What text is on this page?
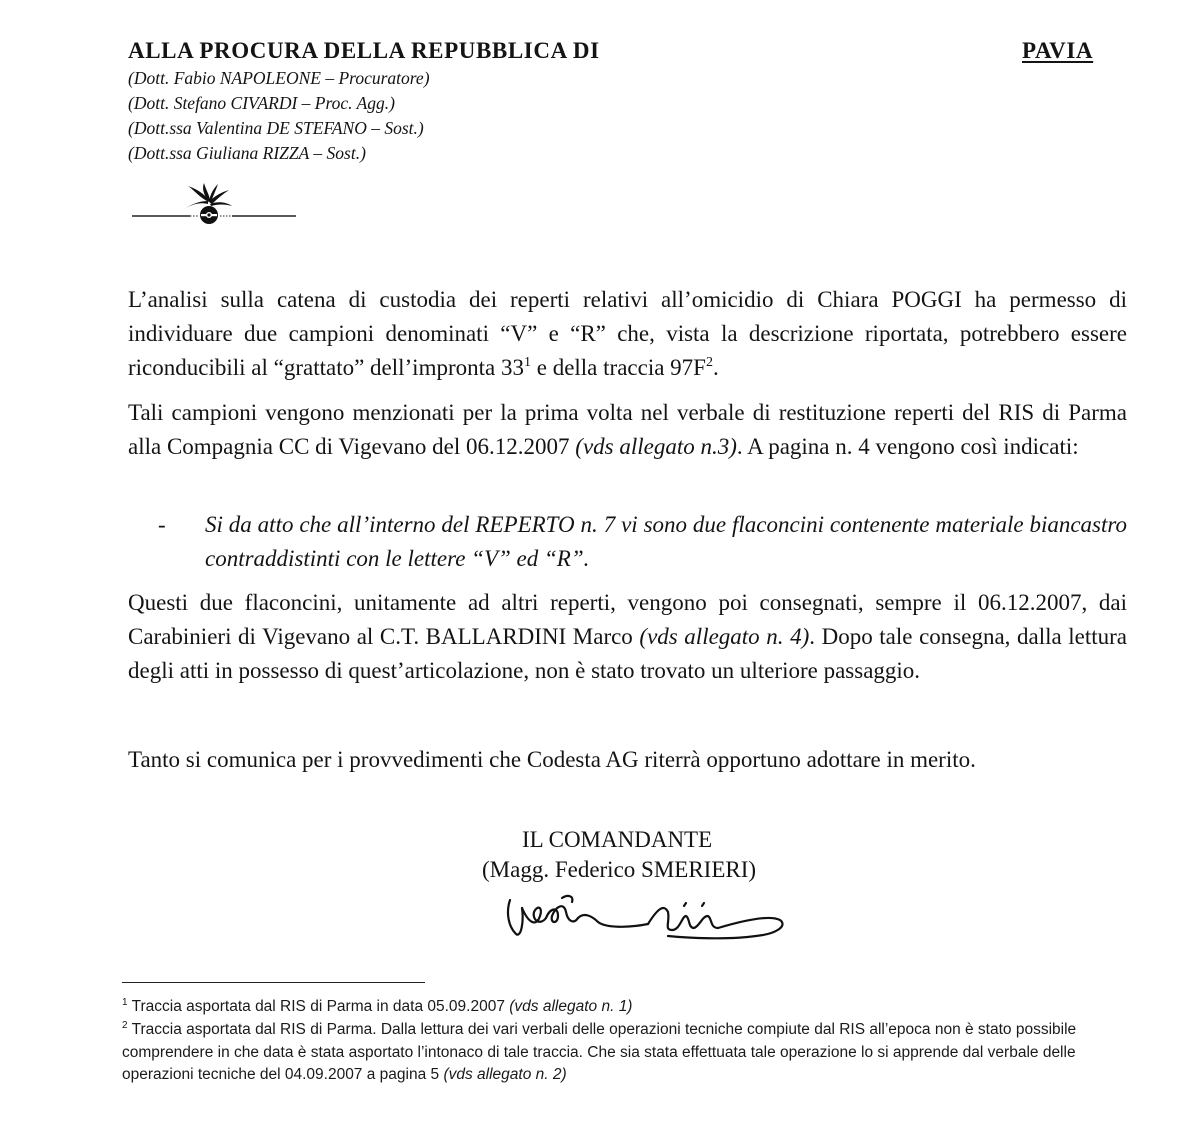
ALLA PROCURA DELLA REPUBBLICA DI	PAVIA
(Dott. Fabio NAPOLEONE – Procuratore)
(Dott. Stefano CIVARDI – Proc. Agg.)
(Dott.ssa Valentina DE STEFANO – Sost.)
(Dott.ssa Giuliana RIZZA – Sost.)

L’analisi sulla catena di custodia dei reperti relativi all’omicidio di Chiara POGGI ha permesso di individuare due campioni denominati “V” e “R” che, vista la descrizione riportata, potrebbero essere riconducibili al “grattato” dell’impronta $33^1$ e della traccia $97F^2$.

Tali campioni vengono menzionati per la prima volta nel verbale di restituzione reperti del RIS di Parma alla Compagnia CC di Vigevano del 06.12.2007 (vds allegato n.3). A pagina n. 4 vengono così indicati:

- Si da atto che all’interno del REPERTO n. 7 vi sono due flaconcini contenente materiale biancastro contraddistinti con le lettere “V” ed “R”.

Questi due flaconcini, unitamente ad altri reperti, vengono poi consegnati, sempre il 06.12.2007, dai Carabinieri di Vigevano al C.T. BALLARDINI Marco (vds allegato n. 4). Dopo tale consegna, dalla lettura degli atti in possesso di quest’articolazione, non è stato trovato un ulteriore passaggio.

Tanto si comunica per i provvedimenti che Codesta AG riterrà opportuno adottare in merito.

IL COMANDANTE
(Magg. Federico SMERIERI)

$^1$ Traccia asportata dal RIS di Parma in data 05.09.2007 (vds allegato n. 1)

$^2$ Traccia asportata dal RIS di Parma. Dalla lettura dei vari verbali delle operazioni tecniche compiute dal RIS all’epoca non è stato possibile comprendere in che data è stata asportato l’intonaco di tale traccia. Che sia stata effettuata tale operazione lo si apprende dal verbale delle operazioni tecniche del 04.09.2007 a pagina 5 (vds allegato n. 2)
